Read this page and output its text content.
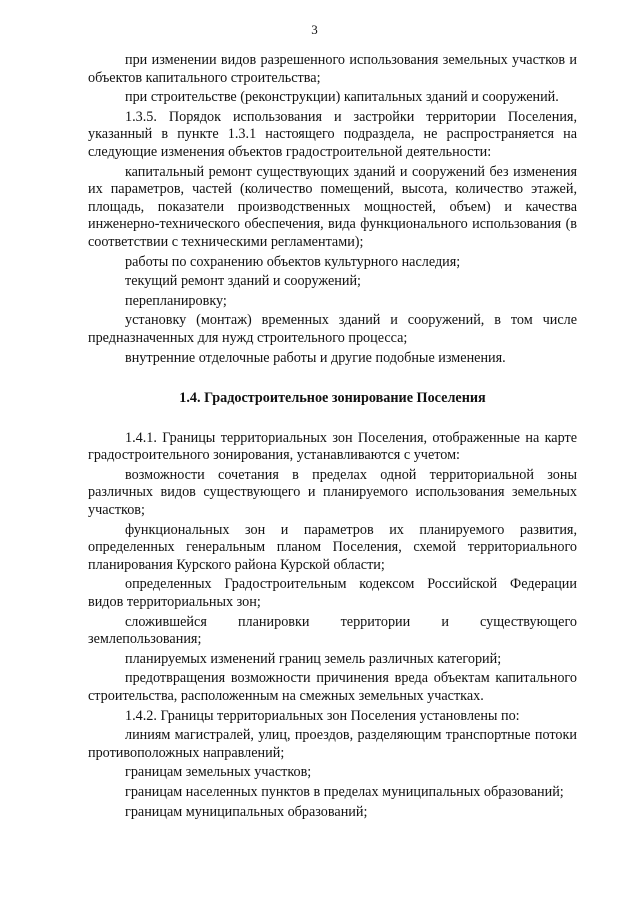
3

при изменении видов разрешенного использования земельных участков и объектов капитального строительства;

при строительстве (реконструкции) капитальных зданий и сооружений.

1.3.5. Порядок использования и застройки территории Поселения, указанный в пункте 1.3.1 настоящего подраздела, не распространяется на следующие изменения объектов градостроительной деятельности:

капитальный ремонт существующих зданий и сооружений без изменения их параметров, частей (количество помещений, высота, количество этажей, площадь, показатели производственных мощностей, объем) и качества инженерно-технического обеспечения, вида функционального использования (в соответствии с техническими регламентами);

работы по сохранению объектов культурного наследия;

текущий ремонт зданий и сооружений;

перепланировку;

установку (монтаж) временных зданий и сооружений, в том числе предназначенных для нужд строительного процесса;

внутренние отделочные работы и другие подобные изменения.

1.4. Градостроительное зонирование Поселения

1.4.1. Границы территориальных зон Поселения, отображенные на карте градостроительного зонирования, устанавливаются с учетом:

возможности сочетания в пределах одной территориальной зоны различных видов существующего и планируемого использования земельных участков;

функциональных зон и параметров их планируемого развития, определенных генеральным планом Поселения, схемой территориального планирования Курского района Курской области;

определенных Градостроительным кодексом Российской Федерации видов территориальных зон;

сложившейся планировки территории и существующего землепользования;

планируемых изменений границ земель различных категорий;

предотвращения возможности причинения вреда объектам капитального строительства, расположенным на смежных земельных участках.

1.4.2. Границы территориальных зон Поселения установлены по:

линиям магистралей, улиц, проездов, разделяющим транспортные потоки противоположных направлений;

границам земельных участков;

границам населенных пунктов в пределах муниципальных образований;

границам муниципальных образований;
